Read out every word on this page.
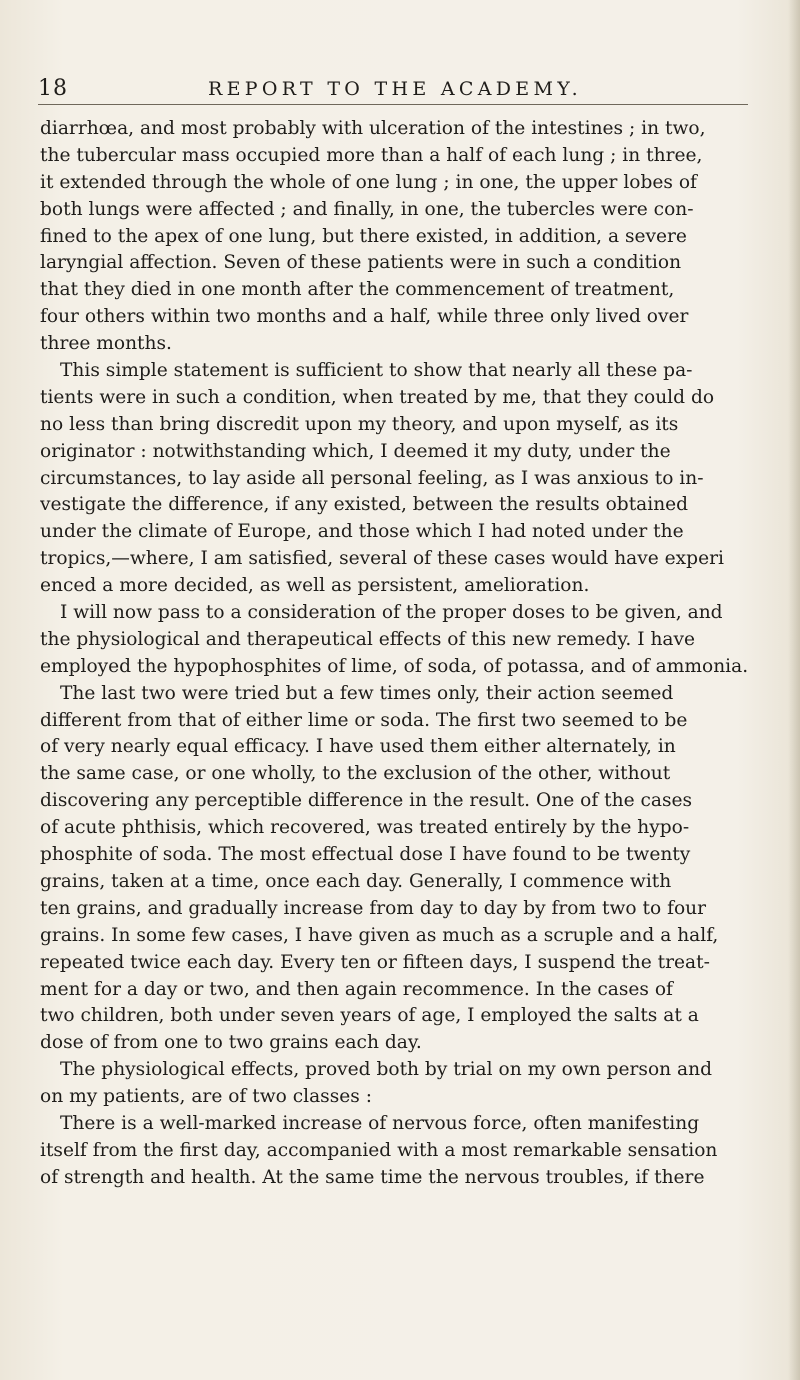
18	REPORT TO THE ACADEMY.
diarrhœa, and most probably with ulceration of the intestines ; in two,
the tubercular mass occupied more than a half of each lung ; in three,
it extended through the whole of one lung ; in one, the upper lobes of
both lungs were affected ; and finally, in one, the tubercles were con-
fined to the apex of one lung, but there existed, in addition, a severe
laryngial affection. Seven of these patients were in such a condition
that they died in one month after the commencement of treatment,
four others within two months and a half, while three only lived over
three months.
This simple statement is sufficient to show that nearly all these pa-
tients were in such a condition, when treated by me, that they could do
no less than bring discredit upon my theory, and upon myself, as its
originator : notwithstanding which, I deemed it my duty, under the
circumstances, to lay aside all personal feeling, as I was anxious to in-
vestigate the difference, if any existed, between the results obtained
under the climate of Europe, and those which I had noted under the
tropics,—where, I am satisfied, several of these cases would have experi
enced a more decided, as well as persistent, amelioration.
I will now pass to a consideration of the proper doses to be given, and
the physiological and therapeutical effects of this new remedy. I have
employed the hypophosphites of lime, of soda, of potassa, and of ammonia.
The last two were tried but a few times only, their action seemed
different from that of either lime or soda. The first two seemed to be
of very nearly equal efficacy. I have used them either alternately, in
the same case, or one wholly, to the exclusion of the other, without
discovering any perceptible difference in the result. One of the cases
of acute phthisis, which recovered, was treated entirely by the hypo-
phosphite of soda. The most effectual dose I have found to be twenty
grains, taken at a time, once each day. Generally, I commence with
ten grains, and gradually increase from day to day by from two to four
grains. In some few cases, I have given as much as a scruple and a half,
repeated twice each day. Every ten or fifteen days, I suspend the treat-
ment for a day or two, and then again recommence. In the cases of
two children, both under seven years of age, I employed the salts at a
dose of from one to two grains each day.
The physiological effects, proved both by trial on my own person and
on my patients, are of two classes :
There is a well-marked increase of nervous force, often manifesting
itself from the first day, accompanied with a most remarkable sensation
of strength and health. At the same time the nervous troubles, if there
